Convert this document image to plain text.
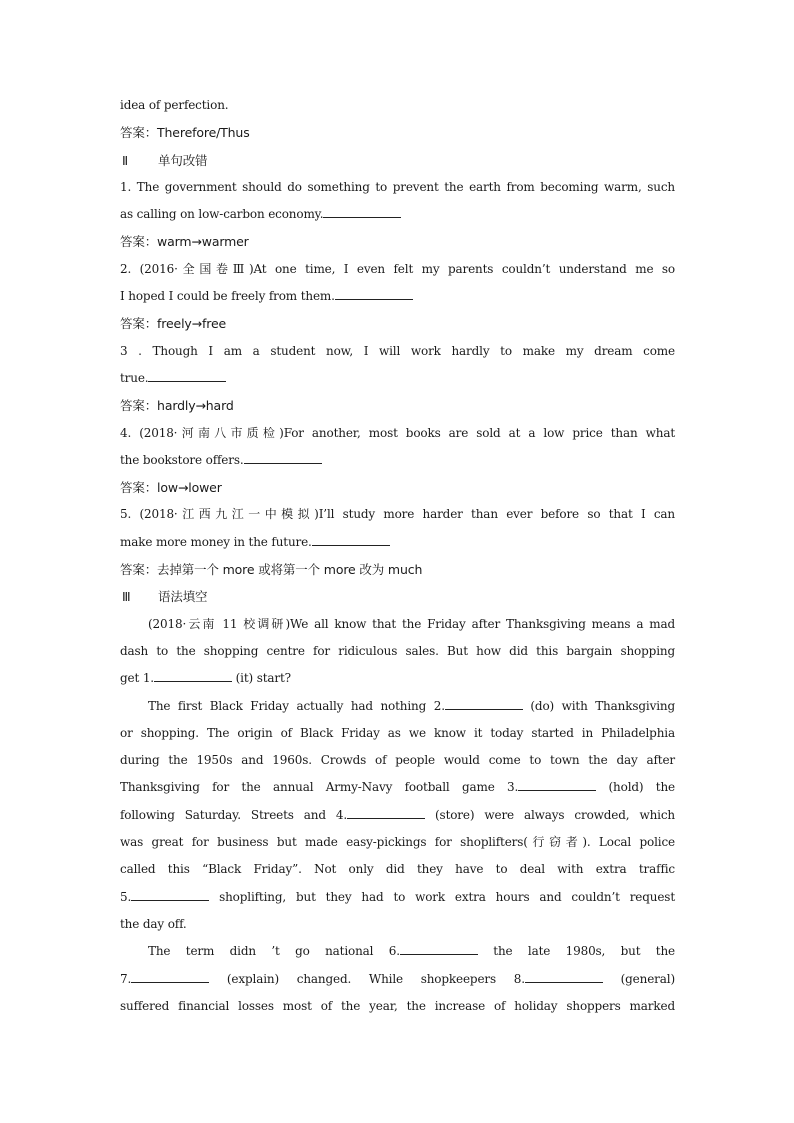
idea of perfection.
答案：Therefore/Thus
Ⅱ 单句改错
1. The government should do something to prevent the earth from becoming warm, such
as calling on low-carbon economy.
答案：warm→warmer
2. (2016·全国卷Ⅲ)At one time, I even felt my parents couldn’t understand me so
I hoped I could be freely from them.
答案：freely→free
3 . Though I am a student now, I will work hardly to make my dream come
true.
答案：hardly→hard
4. (2018·河南八市质检)For another, most books are sold at a low price than what
the bookstore offers.
答案：low→lower
5. (2018·江西九江一中模拟)I’ll study more harder than ever before so that I can
make more money in the future.
答案：去掉第一个 more 或将第一个 more 改为 much
Ⅲ 语法填空
(2018·云南 11 校调研)We all know that the Friday after Thanksgiving means a mad
dash to the shopping centre for ridiculous sales. But how did this bargain shopping
get 1.	(it) start?
The first Black Friday actually had nothing 2.	(do) with Thanksgiving
or shopping. The origin of Black Friday as we know it today started in Philadelphia
during the 1950s and 1960s. Crowds of people would come to town the day after
Thanksgiving for the annual Army-Navy football game 3.	(hold) the
following Saturday. Streets and 4.	(store) were always crowded, which
was great for business but made easy-pickings for shoplifters(行窃者). Local police
called this “Black Friday”. Not only did they have to deal with extra traffic
5.	shoplifting, but they had to work extra hours and couldn’t request
the day off.
The term didn ’t go national 6.	the late 1980s, but the
7.	(explain) changed. While shopkeepers 8.	(general)
suffered financial losses most of the year, the increase of holiday shoppers marked
